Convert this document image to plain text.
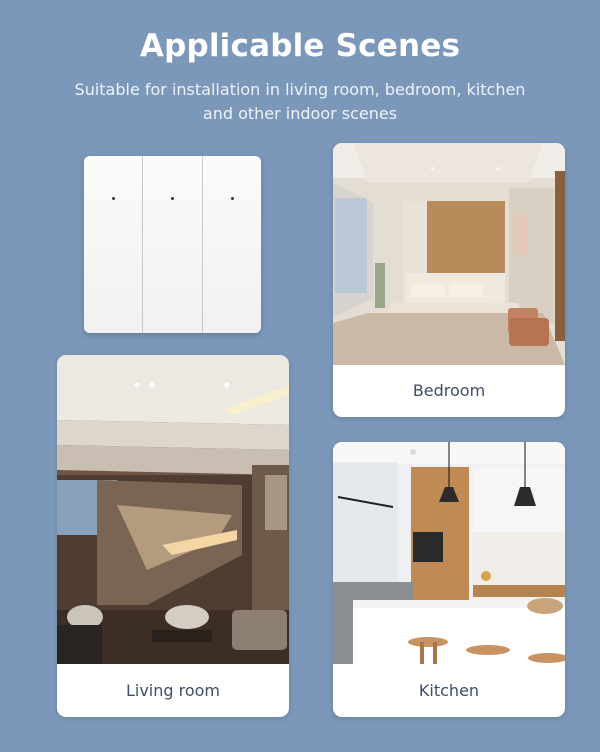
Applicable Scenes
Suitable for installation in living room, bedroom, kitchen and other indoor scenes
Bedroom
Living room	Kitchen
